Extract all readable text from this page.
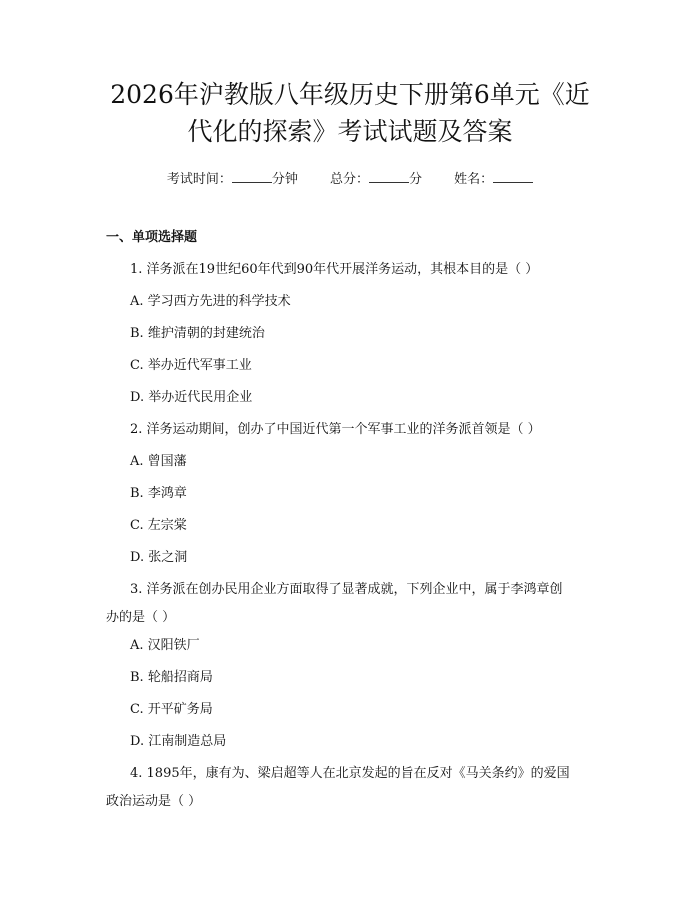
2026年沪教版八年级历史下册第6单元《近
代化的探索》考试试题及答案
考试时间：	分钟 总分：	分 姓名：
一、单项选择题
1. 洋务派在19世纪60年代到90年代开展洋务运动，其根本目的是（ ）
A. 学习西方先进的科学技术
B. 维护清朝的封建统治
C. 举办近代军事工业
D. 举办近代民用企业
2. 洋务运动期间，创办了中国近代第一个军事工业的洋务派首领是（ ）
A. 曾国藩
B. 李鸿章
C. 左宗棠
D. 张之洞
3. 洋务派在创办民用企业方面取得了显著成就，下列企业中，属于李鸿章创
办的是（ ）
A. 汉阳铁厂
B. 轮船招商局
C. 开平矿务局
D. 江南制造总局
4. 1895年，康有为、梁启超等人在北京发起的旨在反对《马关条约》的爱国
政治运动是（ ）
